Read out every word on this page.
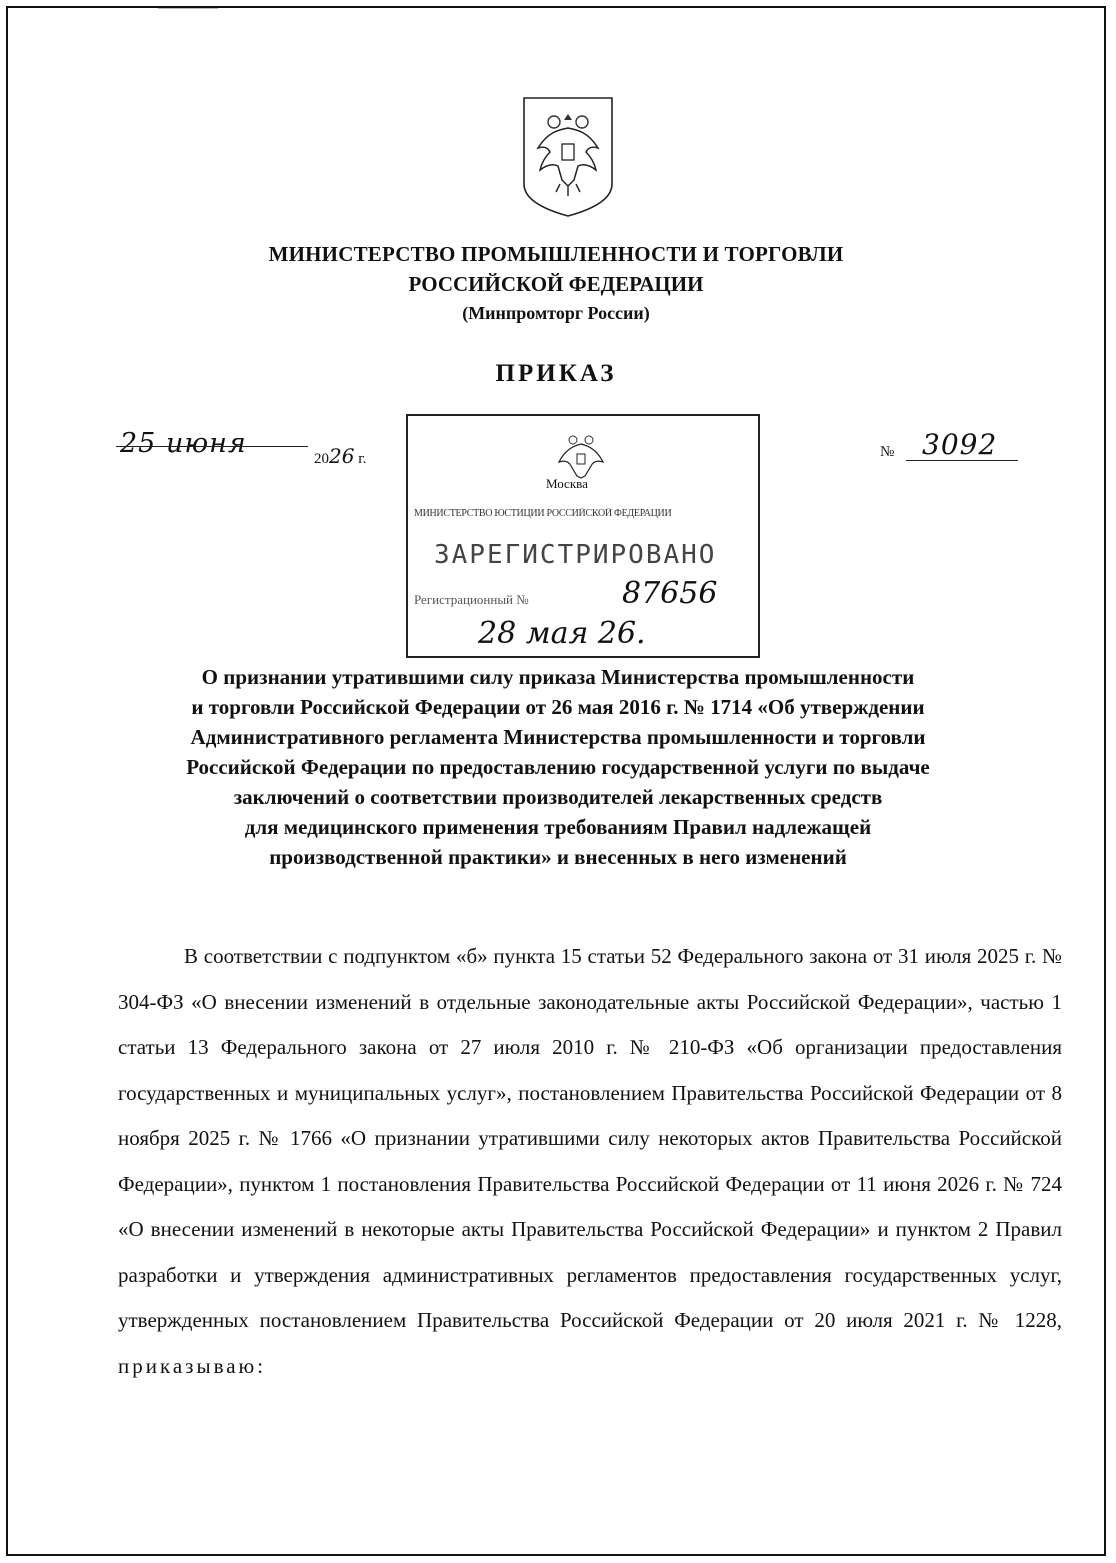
МИНИСТЕРСТВО ПРОМЫШЛЕННОСТИ И ТОРГОВЛИ
РОССИЙСКОЙ ФЕДЕРАЦИИ
(Минпромторг России)
ПРИКАЗ
25 июня	2026 г.	№ 3092
Москва
МИНИСТЕРСТВО ЮСТИЦИИ РОССИЙСКОЙ ФЕДЕРАЦИИ
ЗАРЕГИСТРИРОВАНО
Регистрационный №	87656
28 мая 26.
О признании утратившими силу приказа Министерства промышленности
и торговли Российской Федерации от 26 мая 2016 г. № 1714 «Об утверждении
Административного регламента Министерства промышленности и торговли
Российской Федерации по предоставлению государственной услуги по выдаче
заключений о соответствии производителей лекарственных средств
для медицинского применения требованиям Правил надлежащей
производственной практики» и внесенных в него изменений

В соответствии с подпунктом «б» пункта 15 статьи 52 Федерального закона от 31 июля 2025 г. № 304-ФЗ «О внесении изменений в отдельные законодательные акты Российской Федерации», частью 1 статьи 13 Федерального закона от 27 июля 2010 г. № 210-ФЗ «Об организации предоставления государственных и муниципальных услуг», постановлением Правительства Российской Федерации от 8 ноября 2025 г. № 1766 «О признании утратившими силу некоторых актов Правительства Российской Федерации», пунктом 1 постановления Правительства Российской Федерации от 11 июня 2026 г. № 724 «О внесении изменений в некоторые акты Правительства Российской Федерации» и пунктом 2 Правил разработки и утверждения административных регламентов предоставления государственных услуг, утвержденных постановлением Правительства Российской Федерации от 20 июля 2021 г. № 1228, приказываю:
